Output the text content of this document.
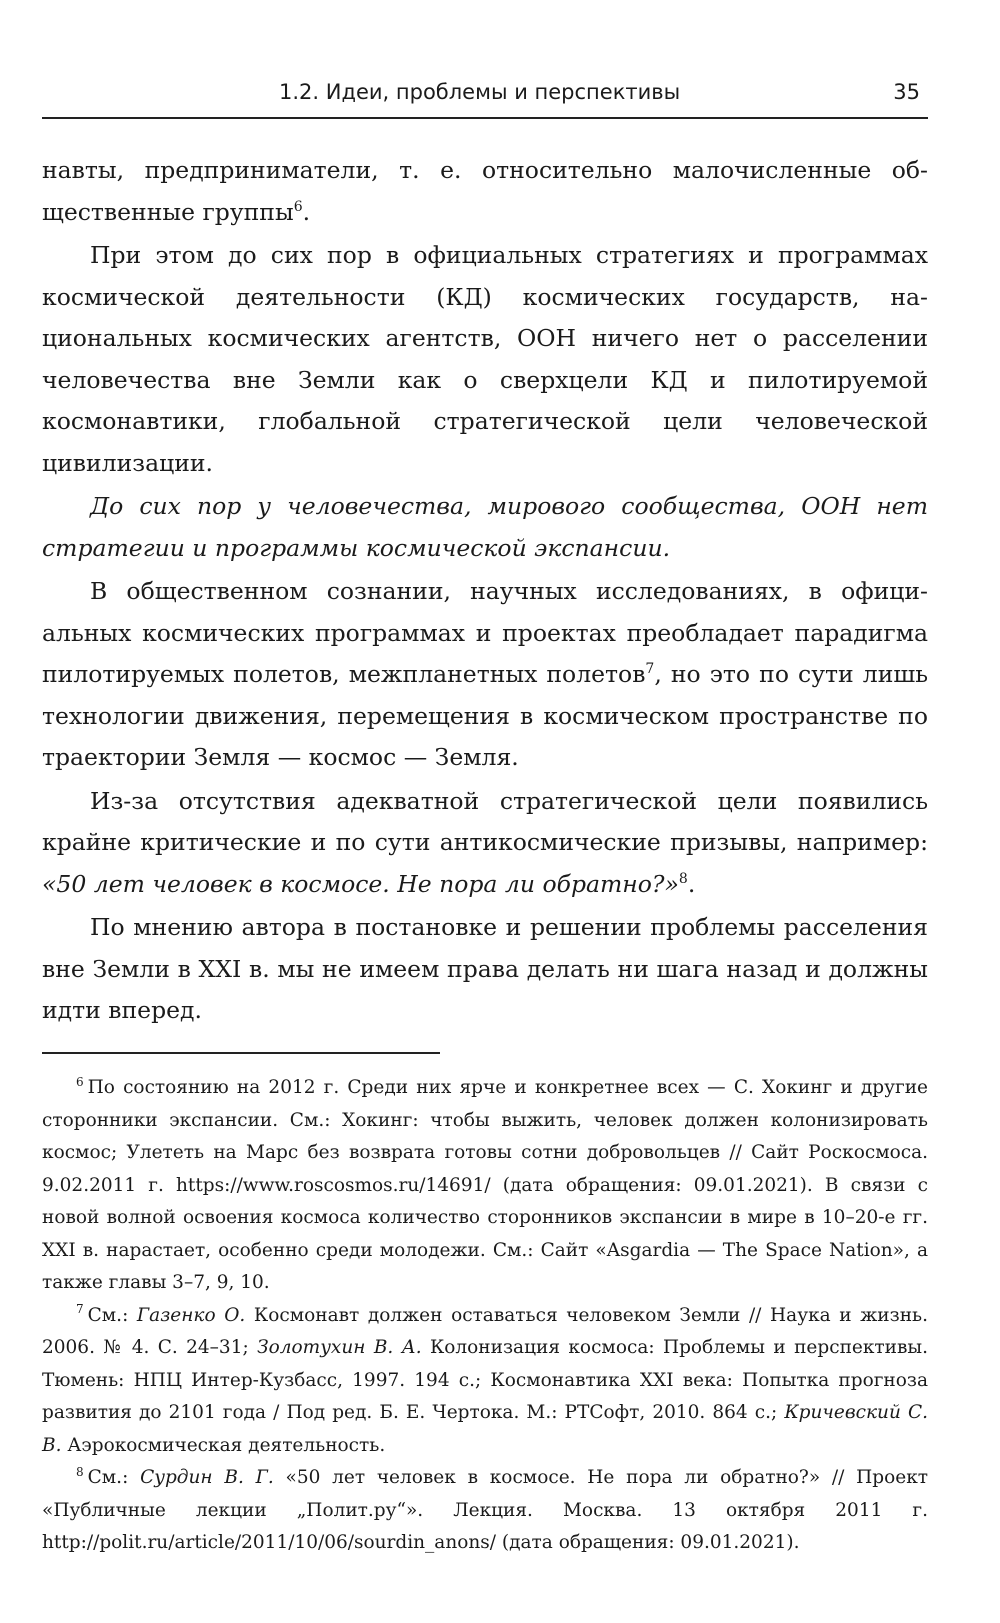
1.2. Идеи, проблемы и перспективы	35

навты, предприниматели, т. е. относительно малочисленные общественные группы$^6$.

При этом до сих пор в официальных стратегиях и программах космической деятельности (КД) космических государств, национальных космических агентств, ООН ничего нет о расселении человечества вне Земли как о сверхцели КД и пилотируемой космонавтики, глобальной стратегической цели человеческой цивилизации.

До сих пор у человечества, мирового сообщества, ООН нет стратегии и программы космической экспансии.

В общественном сознании, научных исследованиях, в официальных космических программах и проектах преобладает парадигма пилотируемых полетов, межпланетных полетов$^7$, но это по сути лишь технологии движения, перемещения в космическом пространстве по траектории Земля — космос — Земля.

Из-за отсутствия адекватной стратегической цели появились крайне критические и по сути антикосмические призывы, например: «50 лет человек в космосе. Не пора ли обратно?»$^8$.

По мнению автора в постановке и решении проблемы расселения вне Земли в XXI в. мы не имеем права делать ни шага назад и должны идти вперед.

$^6$ По состоянию на 2012 г. Среди них ярче и конкретнее всех — С. Хокинг и другие сторонники экспансии. См.: Хокинг: чтобы выжить, человек должен колонизировать космос; Улететь на Марс без возврата готовы сотни добровольцев // Сайт Роскосмоса. 9.02.2011 г. https://www.roscosmos.ru/14691/ (дата обращения: 09.01.2021). В связи с новой волной освоения космоса количество сторонников экспансии в мире в 10–20-е гг. XXI в. нарастает, особенно среди молодежи. См.: Сайт «Asgardia — The Space Nation», а также главы 3–7, 9, 10.

$^7$ См.: Газенко О. Космонавт должен оставаться человеком Земли // Наука и жизнь. 2006. № 4. С. 24–31; Золотухин В. А. Колонизация космоса: Проблемы и перспективы. Тюмень: НПЦ Интер-Кузбасс, 1997. 194 с.; Космонавтика XXI века: Попытка прогноза развития до 2101 года / Под ред. Б. Е. Чертока. М.: РТСофт, 2010. 864 с.; Кричевский С. В. Аэрокосмическая деятельность.

$^8$ См.: Сурдин В. Г. «50 лет человек в космосе. Не пора ли обратно?» // Проект «Публичные лекции „Полит.ру“». Лекция. Москва. 13 октября 2011 г. http://polit.ru/article/2011/10/06/sourdin_anons/ (дата обращения: 09.01.2021).
